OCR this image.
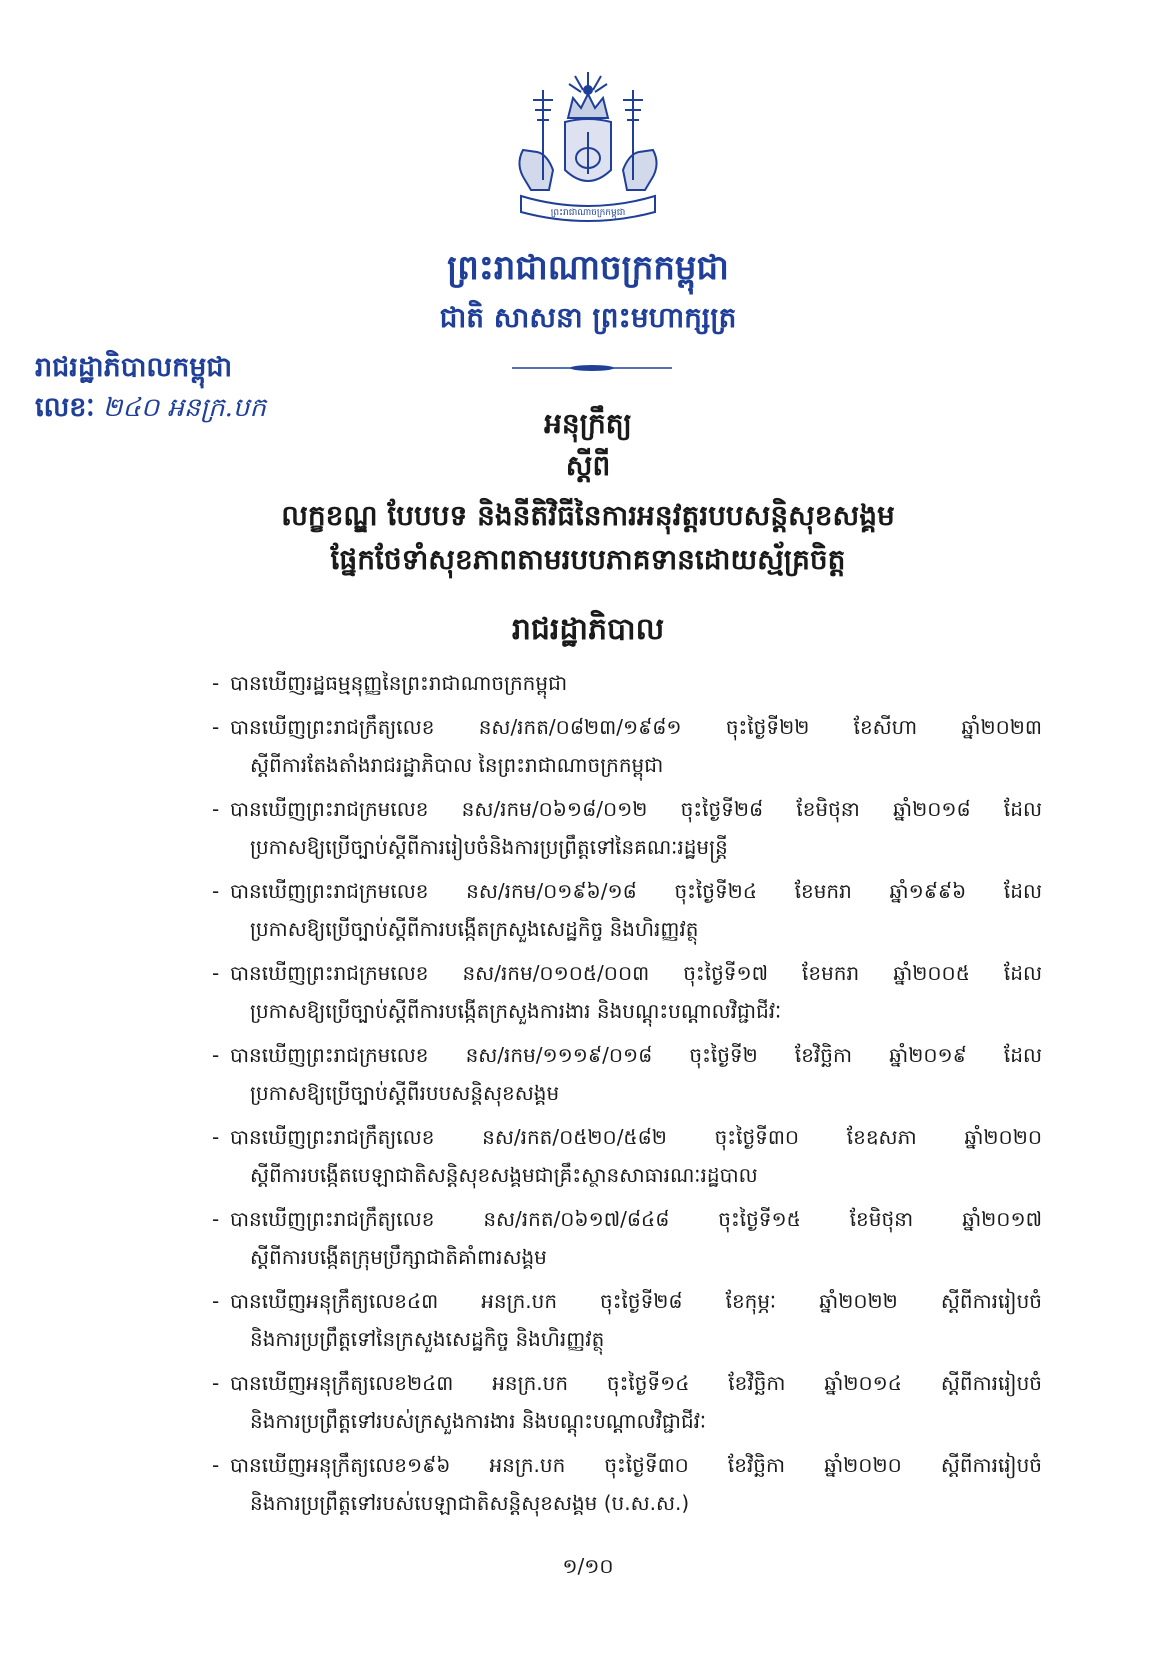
ព្រះរាជាណាចក្រកម្ពុជា
ព្រះរាជាណាចក្រកម្ពុជា
ជាតិ សាសនា ព្រះមហាក្សត្រ
រាជរដ្ឋាភិបាលកម្ពុជា
លេខៈ ២៤០ អនក្រ.បក	អនុក្រឹត្យ
ស្តីពី
លក្ខខណ្ឌ បែបបទ និងនីតិវិធីនៃការអនុវត្តរបបសន្តិសុខសង្គម
ផ្នែកថែទាំសុខភាពតាមរបបភាគទានដោយស្ម័គ្រចិត្ត
រាជរដ្ឋាភិបាល
- បានឃើញរដ្ឋធម្មនុញ្ញនៃព្រះរាជាណាចក្រកម្ពុជា
- បានឃើញព្រះរាជក្រឹត្យលេខ នស/រកត/០៨២៣/១៩៨១ ចុះថ្ងៃទី២២ ខែសីហា ឆ្នាំ២០២៣
ស្តីពីការតែងតាំងរាជរដ្ឋាភិបាល នៃព្រះរាជាណាចក្រកម្ពុជា
- បានឃើញព្រះរាជក្រមលេខ នស/រកម/០៦១៨/០១២ ចុះថ្ងៃទី២៨ ខែមិថុនា ឆ្នាំ២០១៨ ដែល
ប្រកាសឱ្យប្រើច្បាប់ស្តីពីការរៀបចំនិងការប្រព្រឹត្តទៅនៃគណៈរដ្ឋមន្ត្រី
- បានឃើញព្រះរាជក្រមលេខ នស/រកម/០១៩៦/១៨ ចុះថ្ងៃទី២៤ ខែមករា ឆ្នាំ១៩៩៦ ដែល
ប្រកាសឱ្យប្រើច្បាប់ស្តីពីការបង្កើតក្រសួងសេដ្ឋកិច្ច និងហិរញ្ញវត្ថុ
- បានឃើញព្រះរាជក្រមលេខ នស/រកម/០១០៥/០០៣ ចុះថ្ងៃទី១៧ ខែមករា ឆ្នាំ២០០៥ ដែល
ប្រកាសឱ្យប្រើច្បាប់ស្តីពីការបង្កើតក្រសួងការងារ និងបណ្តុះបណ្តាលវិជ្ជាជីវៈ
- បានឃើញព្រះរាជក្រមលេខ នស/រកម/១១១៩/០១៨ ចុះថ្ងៃទី២ ខែវិច្ឆិកា ឆ្នាំ២០១៩ ដែល
ប្រកាសឱ្យប្រើច្បាប់ស្តីពីរបបសន្តិសុខសង្គម
- បានឃើញព្រះរាជក្រឹត្យលេខ នស/រកត/០៥២០/៥៨២ ចុះថ្ងៃទី៣០ ខែឧសភា ឆ្នាំ២០២០
ស្តីពីការបង្កើតបេឡាជាតិសន្តិសុខសង្គមជាគ្រឹះស្ថានសាធារណៈរដ្ឋបាល
- បានឃើញព្រះរាជក្រឹត្យលេខ នស/រកត/០៦១៧/៨៤៨ ចុះថ្ងៃទី១៥ ខែមិថុនា ឆ្នាំ២០១៧
ស្តីពីការបង្កើតក្រុមប្រឹក្សាជាតិគាំពារសង្គម
- បានឃើញអនុក្រឹត្យលេខ៤៣ អនក្រ.បក ចុះថ្ងៃទី២៨ ខែកុម្ភៈ ឆ្នាំ២០២២ ស្តីពីការរៀបចំ
និងការប្រព្រឹត្តទៅនៃក្រសួងសេដ្ឋកិច្ច និងហិរញ្ញវត្ថុ
- បានឃើញអនុក្រឹត្យលេខ២៤៣ អនក្រ.បក ចុះថ្ងៃទី១៤ ខែវិច្ឆិកា ឆ្នាំ២០១៤ ស្តីពីការរៀបចំ
និងការប្រព្រឹត្តទៅរបស់ក្រសួងការងារ និងបណ្តុះបណ្តាលវិជ្ជាជីវៈ
- បានឃើញអនុក្រឹត្យលេខ១៩៦ អនក្រ.បក ចុះថ្ងៃទី៣០ ខែវិច្ឆិកា ឆ្នាំ២០២០ ស្តីពីការរៀបចំ
និងការប្រព្រឹត្តទៅរបស់បេឡាជាតិសន្តិសុខសង្គម (ប.ស.ស.)
១/១០
